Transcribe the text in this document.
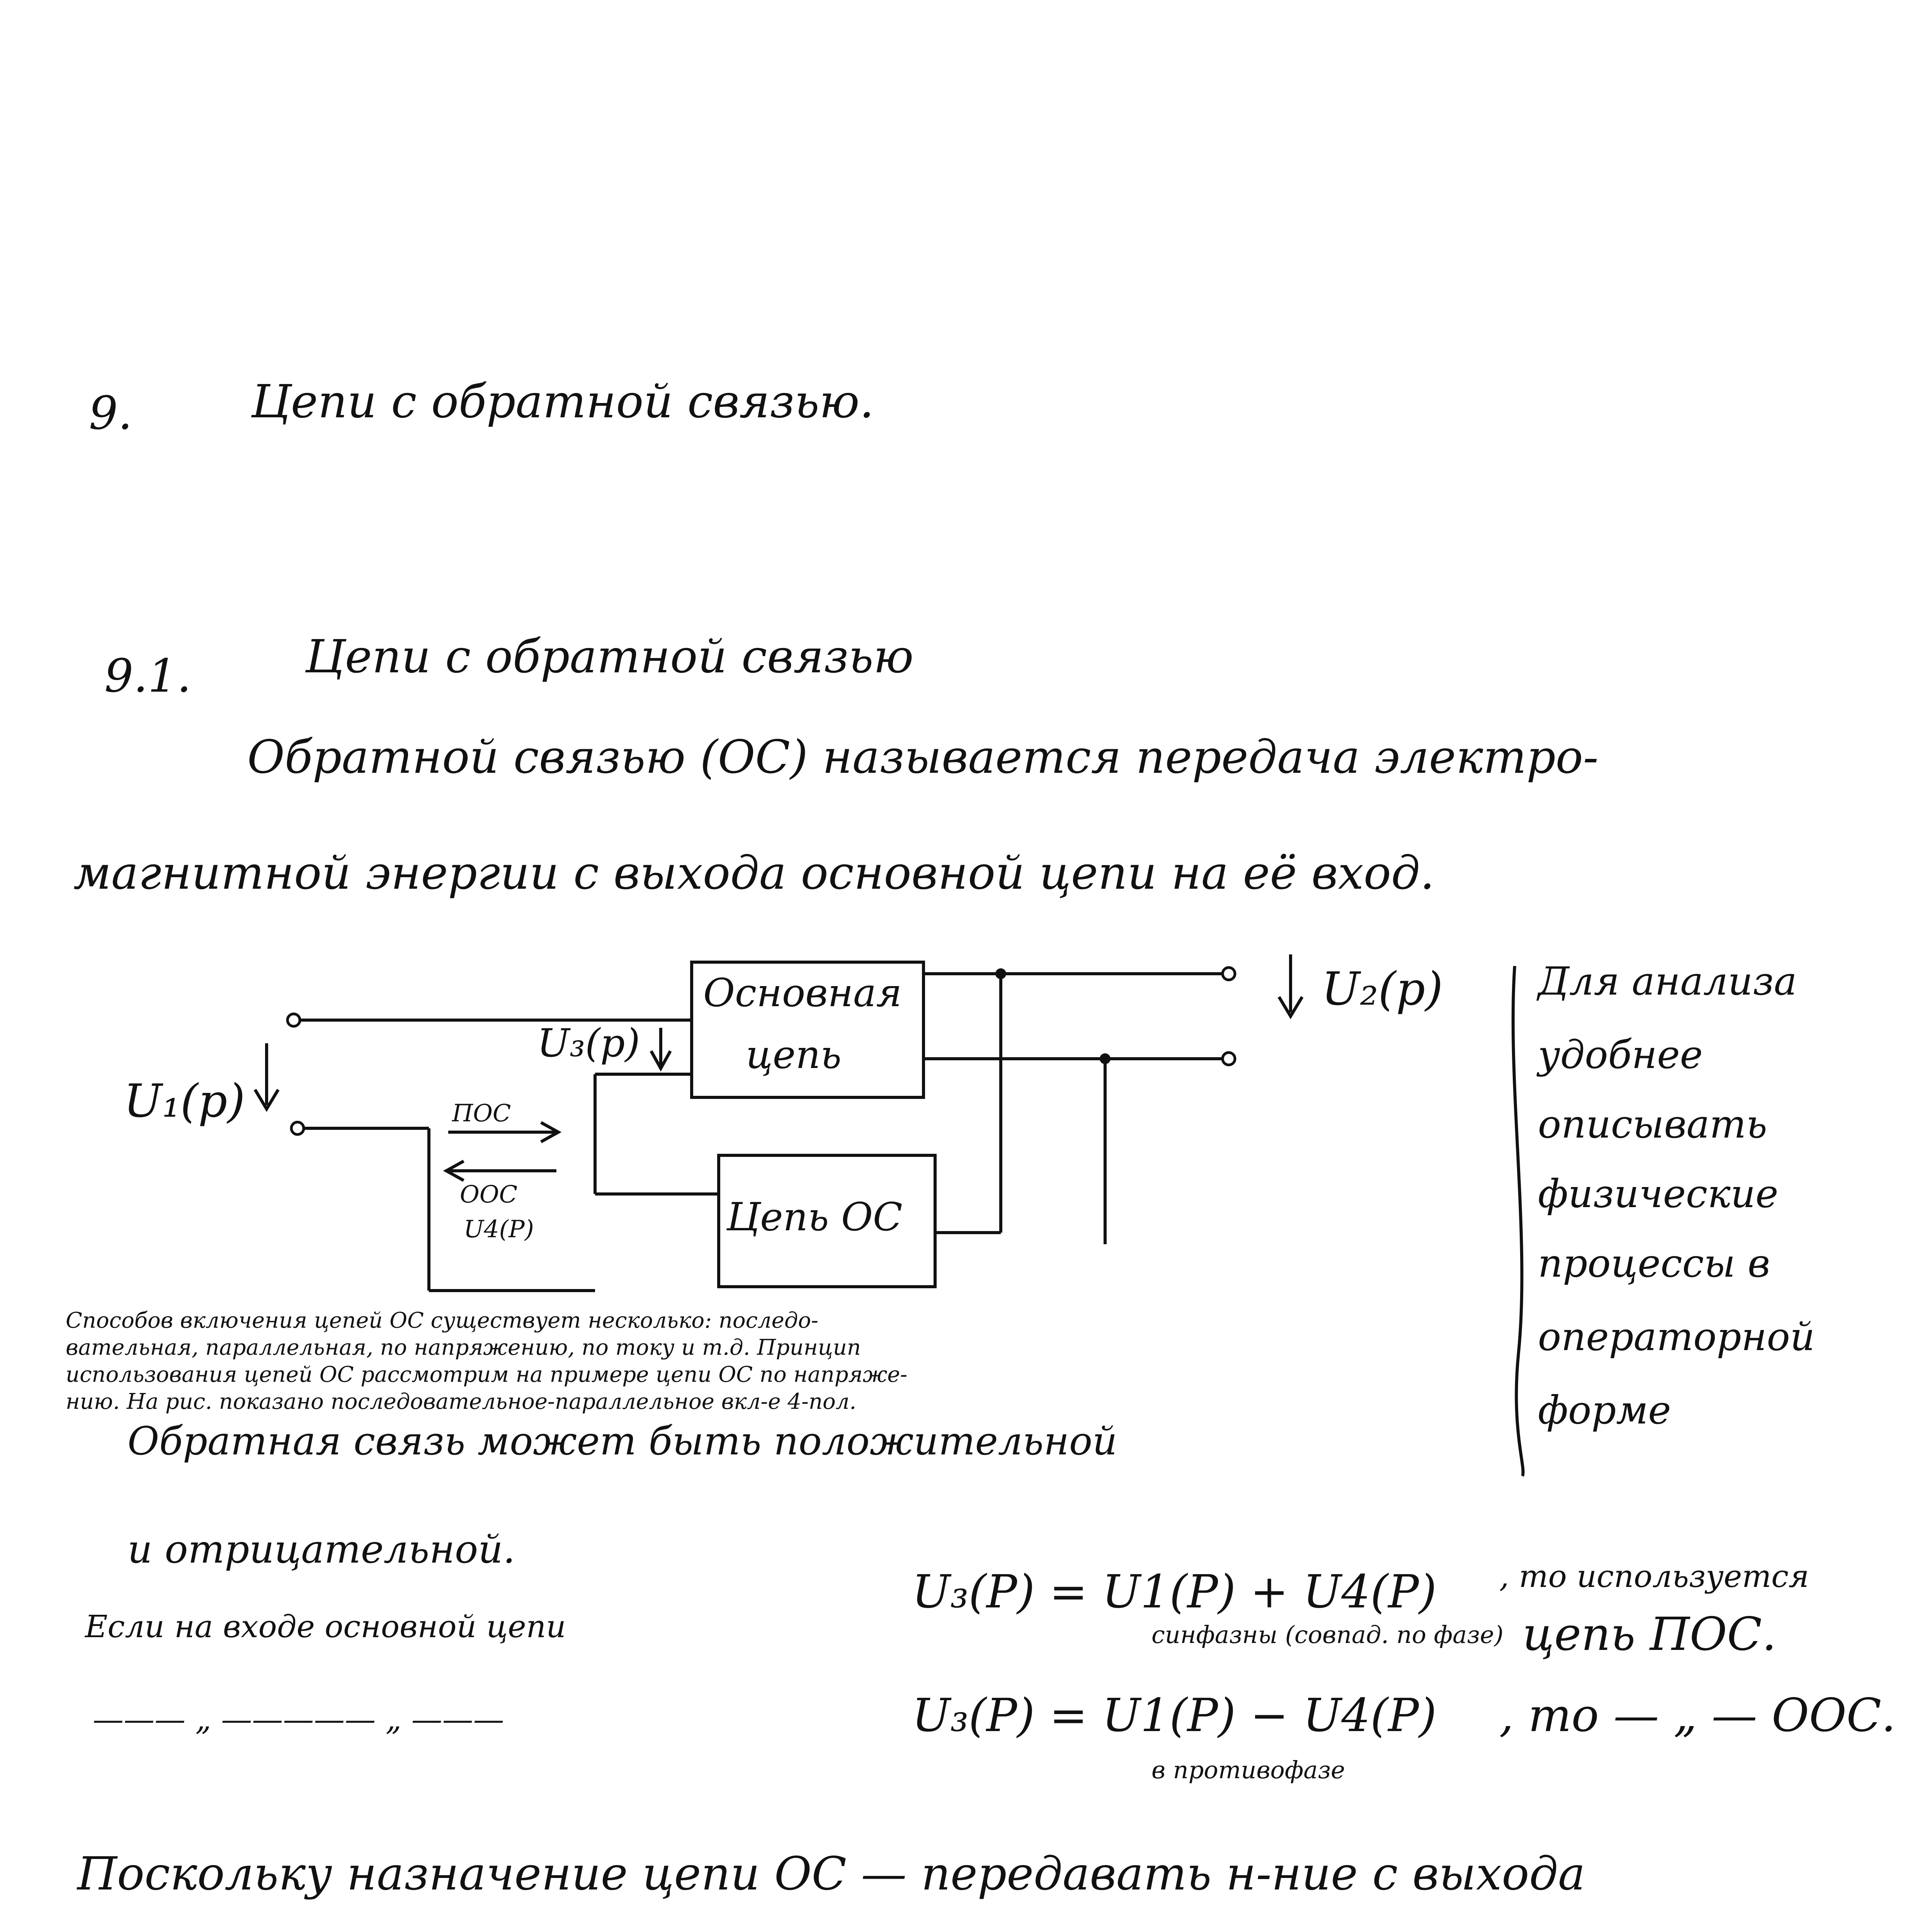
9.	Цепи с обратной связью.
9.1. Цепи с обратной связью
Обратной связью (ОС) называется передача электро-
магнитной энергии с выхода основной цепи на её вход.
Основная
цепь
Цепь ОС
U₁(p)
U₂(p)
U₃(p)
ПОС
ООС
U4(P)
Для анализа
удобнее
описывать
физические
процессы в
операторной
форме
Способов включения цепей ОС существует несколько: последо-
вательная, параллельная, по напряжению, по току и т.д. Принцип
использования цепей ОС рассмотрим на примере цепи ОС по напряже-
нию. На рис. показано последовательное-параллельное вкл-е 4-пол.
Обратная связь может быть положительной
и отрицательной.
Если на входе основной цепи
U₃(P) = U1(P) + U4(P) , то используется
синфазны (совпад. по фазе) цепь ПОС.
——— „ ————— „ ———	U₃(P) = U1(P) − U4(P) , то — „ — ООС.
в противофазе
Поскольку назначение цепи ОС — передавать н-ние с выхода
